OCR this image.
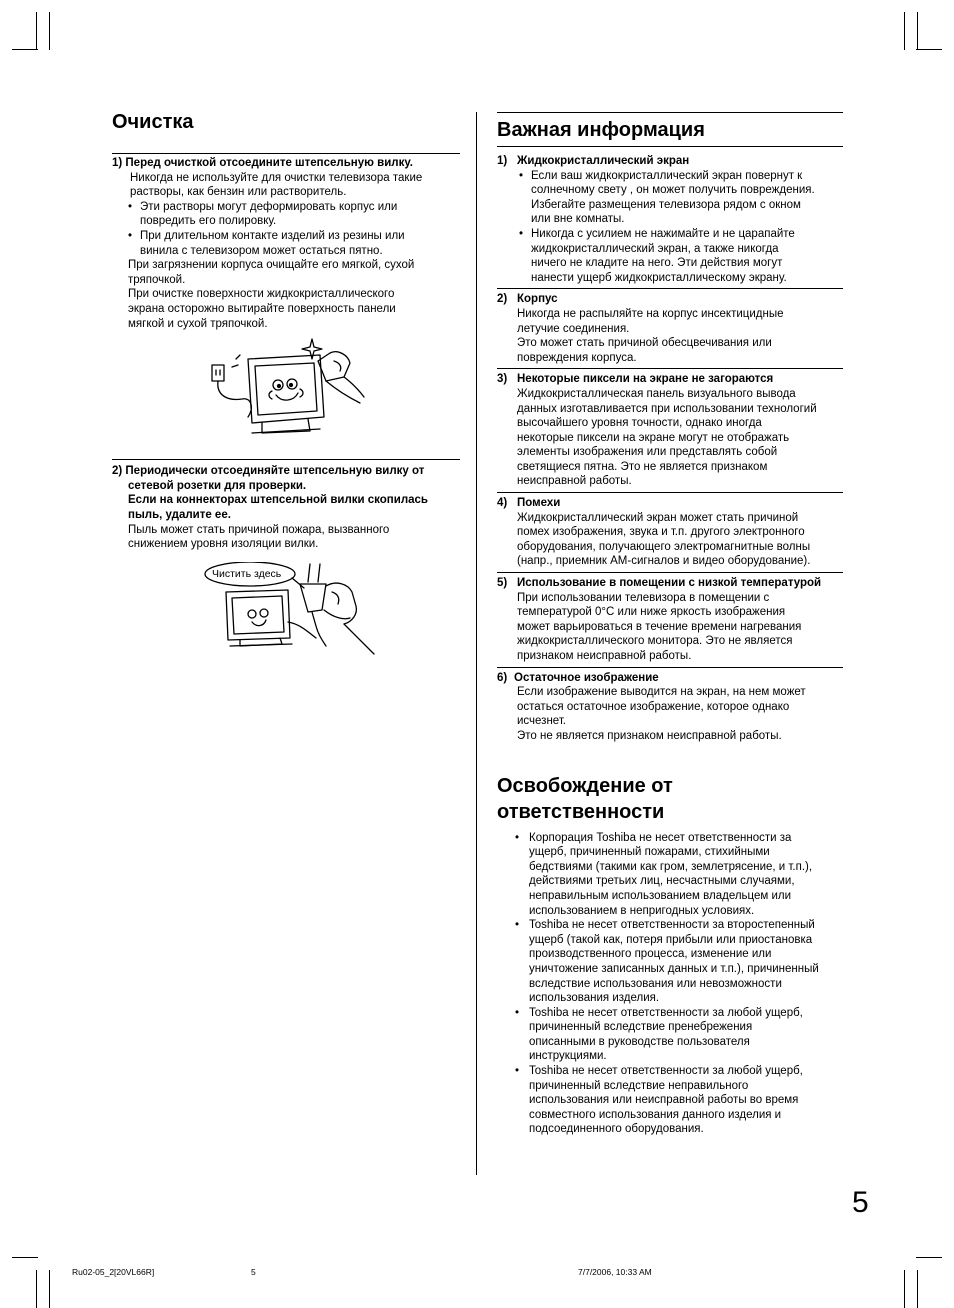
Очистка
1) Перед очисткой отсоедините штепсельную вилку.
Никогда не используйте для очистки телевизора такие
растворы, как бензин или растворитель.
• Эти растворы могут деформировать корпус или
повредить его полировку.
• При длительном контакте изделий из резины или
винила с телевизором может остаться пятно.
При загрязнении корпуса очищайте его мягкой, сухой
тряпочкой.
При очистке поверхности жидкокристаллического
экрана осторожно вытирайте поверхность панели
мягкой и сухой тряпочкой.
2) Периодически отсоединяйте штепсельную вилку от
сетевой розетки для проверки.
Если на коннекторах штепсельной вилки скопилась
пыль, удалите ее.
Пыль может стать причиной пожара, вызванного
снижением уровня изоляции вилки.
Чистить здесь
Важная информация
1) Жидкокристаллический экран
• Если ваш жидкокристаллический экран повернут к
солнечному свету , он может получить повреждения.
Избегайте размещения телевизора рядом с окном
или вне комнаты.
• Никогда с усилием не нажимайте и не царапайте
жидкокристаллический экран, а также никогда
ничего не кладите на него. Эти действия могут
нанести ущерб жидкокристаллическому экрану.
2) Корпус
Никогда не распыляйте на корпус инсектицидные
летучие соединения.
Это может стать причиной обесцвечивания или
повреждения корпуса.
3) Некоторые пиксели на экране не загораются
Жидкокристаллическая панель визуального вывода
данных изготавливается при использовании технологий
высочайшего уровня точности, однако иногда
некоторые пиксели на экране могут не отображать
элементы изображения или представлять собой
светящиеся пятна. Это не является признаком
неисправной работы.
4) Помехи
Жидкокристаллический экран может стать причиной
помех изображения, звука и т.п. другого электронного
оборудования, получающего электромагнитные волны
(напр., приемник AM-сигналов и видео оборудование).
5) Использование в помещении с низкой температурой
При использовании телевизора в помещении с
температурой 0°C или ниже яркость изображения
может варьироваться в течение времени нагревания
жидкокристаллического монитора. Это не является
признаком неисправной работы.
6) Остаточное изображение
Если изображение выводится на экран, на нем может
остаться остаточное изображение, которое однако
исчезнет.
Это не является признаком неисправной работы.
Освобождение от ответственности
• Корпорация Toshiba не несет ответственности за
ущерб, причиненный пожарами, стихийными
бедствиями (такими как гром, землетрясение, и т.п.),
действиями третьих лиц, несчастными случаями,
неправильным использованием владельцем или
использованием в непригодных условиях.
• Toshiba не несет ответственности за второстепенный
ущерб (такой как, потеря прибыли или приостановка
производственного процесса, изменение или
уничтожение записанных данных и т.п.), причиненный
вследствие использования или невозможности
использования изделия.
• Toshiba не несет ответственности за любой ущерб,
причиненный вследствие пренебрежения
описанными в руководстве пользователя
инструкциями.
• Toshiba не несет ответственности за любой ущерб,
причиненный вследствие неправильного
использования или неисправной работы во время
совместного использования данного изделия и
подсоединенного оборудования.
5
Ru02-05_2[20VL66R]	5	7/7/2006, 10:33 AM
